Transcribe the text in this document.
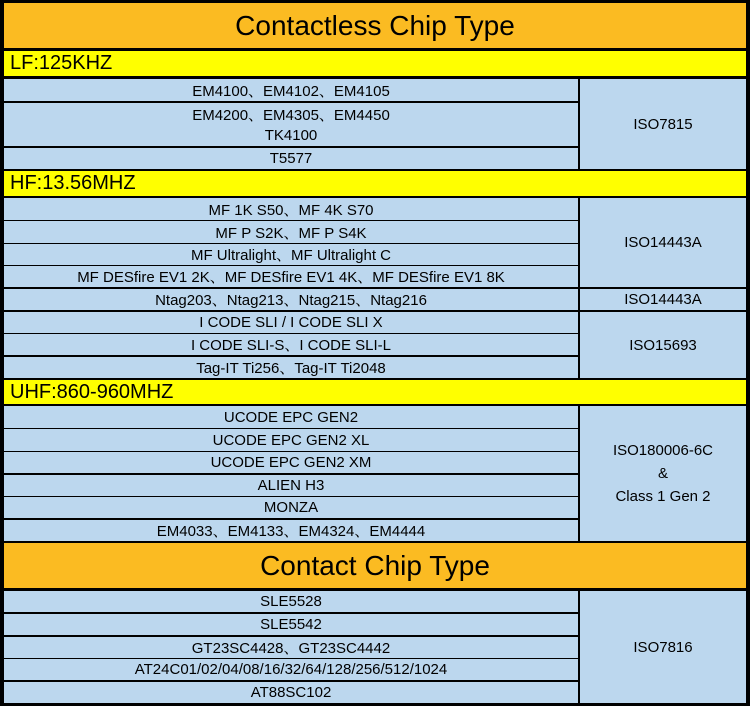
Contactless Chip Type
LF:125KHZ
EM4100、EM4102、EM4105
EM4200、EM4305、EM4450
TK4100
T5577
ISO7815
HF:13.56MHZ
MF 1K S50、MF 4K S70
MF P S2K、MF P S4K
MF Ultralight、MF Ultralight C
MF DESfire EV1 2K、MF DESfire EV1 4K、MF DESfire EV1 8K
Ntag203、Ntag213、Ntag215、Ntag216
I CODE SLI / I CODE SLI X
I CODE SLI-S、I CODE SLI-L
Tag-IT Ti256、Tag-IT Ti2048
ISO14443A
ISO14443A
ISO15693
UHF:860-960MHZ
UCODE EPC GEN2
UCODE EPC GEN2 XL
UCODE EPC GEN2 XM
ALIEN H3
MONZA
EM4033、EM4133、EM4324、EM4444
ISO180006-6C
&
Class 1 Gen 2
Contact Chip Type
SLE5528
SLE5542
GT23SC4428、GT23SC4442
AT24C01/02/04/08/16/32/64/128/256/512/1024
AT88SC102
ISO7816
